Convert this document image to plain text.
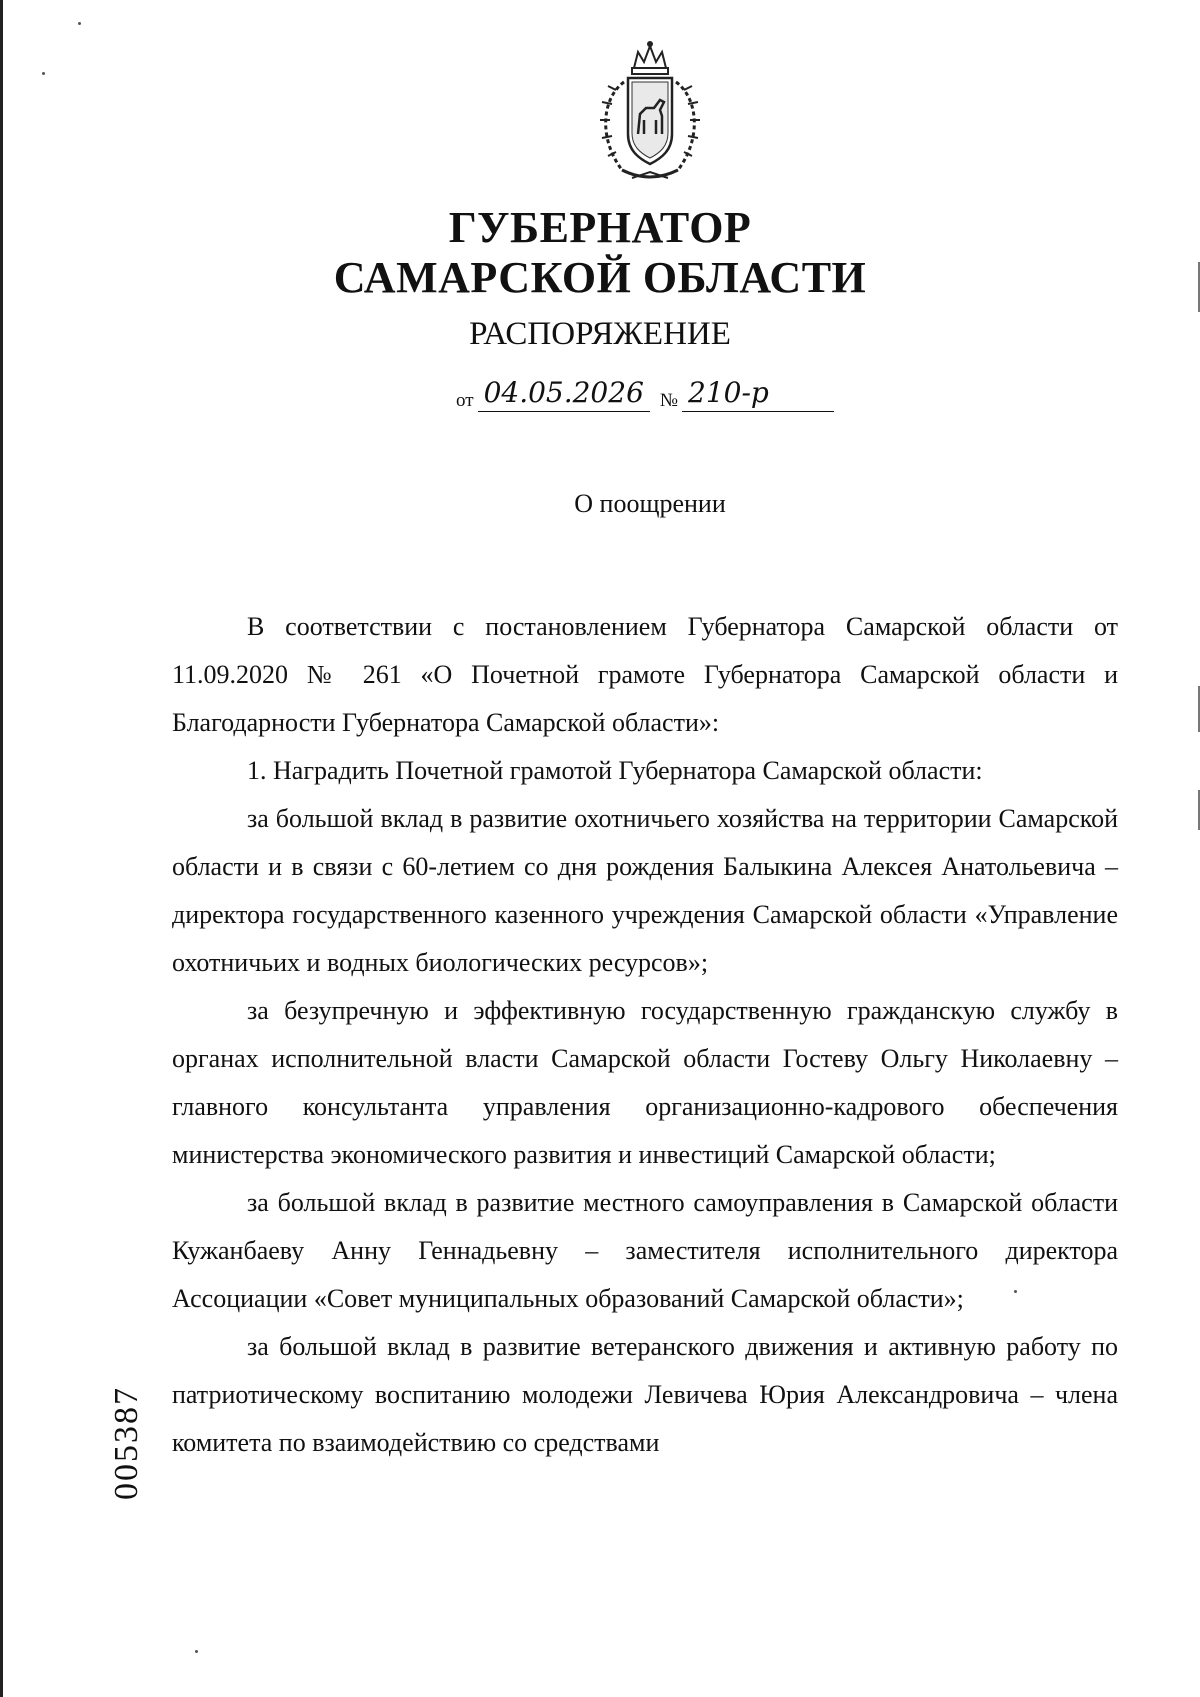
ГУБЕРНАТОР
САМАРСКОЙ ОБЛАСТИ
РАСПОРЯЖЕНИЕ
от 04.05.2026 № 210-р
О поощрении

В соответствии с постановлением Губернатора Самарской области от 11.09.2020 № 261 «О Почетной грамоте Губернатора Самарской области и Благодарности Губернатора Самарской области»:

1. Наградить Почетной грамотой Губернатора Самарской области:

за большой вклад в развитие охотничьего хозяйства на территории Самарской области и в связи с 60-летием со дня рождения Балыкина Алексея Анатольевича – директора государственного казенного учреждения Самарской области «Управление охотничьих и водных биологических ресурсов»;

за безупречную и эффективную государственную гражданскую службу в органах исполнительной власти Самарской области Гостеву Ольгу Николаевну – главного консультанта управления организационно-кадрового обеспечения министерства экономического развития и инвестиций Самарской области;

за большой вклад в развитие местного самоуправления в Самарской области Кужанбаеву Анну Геннадьевну – заместителя исполнительного директора Ассоциации «Совет муниципальных образований Самарской области»;

за большой вклад в развитие ветеранского движения и активную работу по патриотическому воспитанию молодежи Левичева Юрия Александровича – члена комитета по взаимодействию со средствами

005387
